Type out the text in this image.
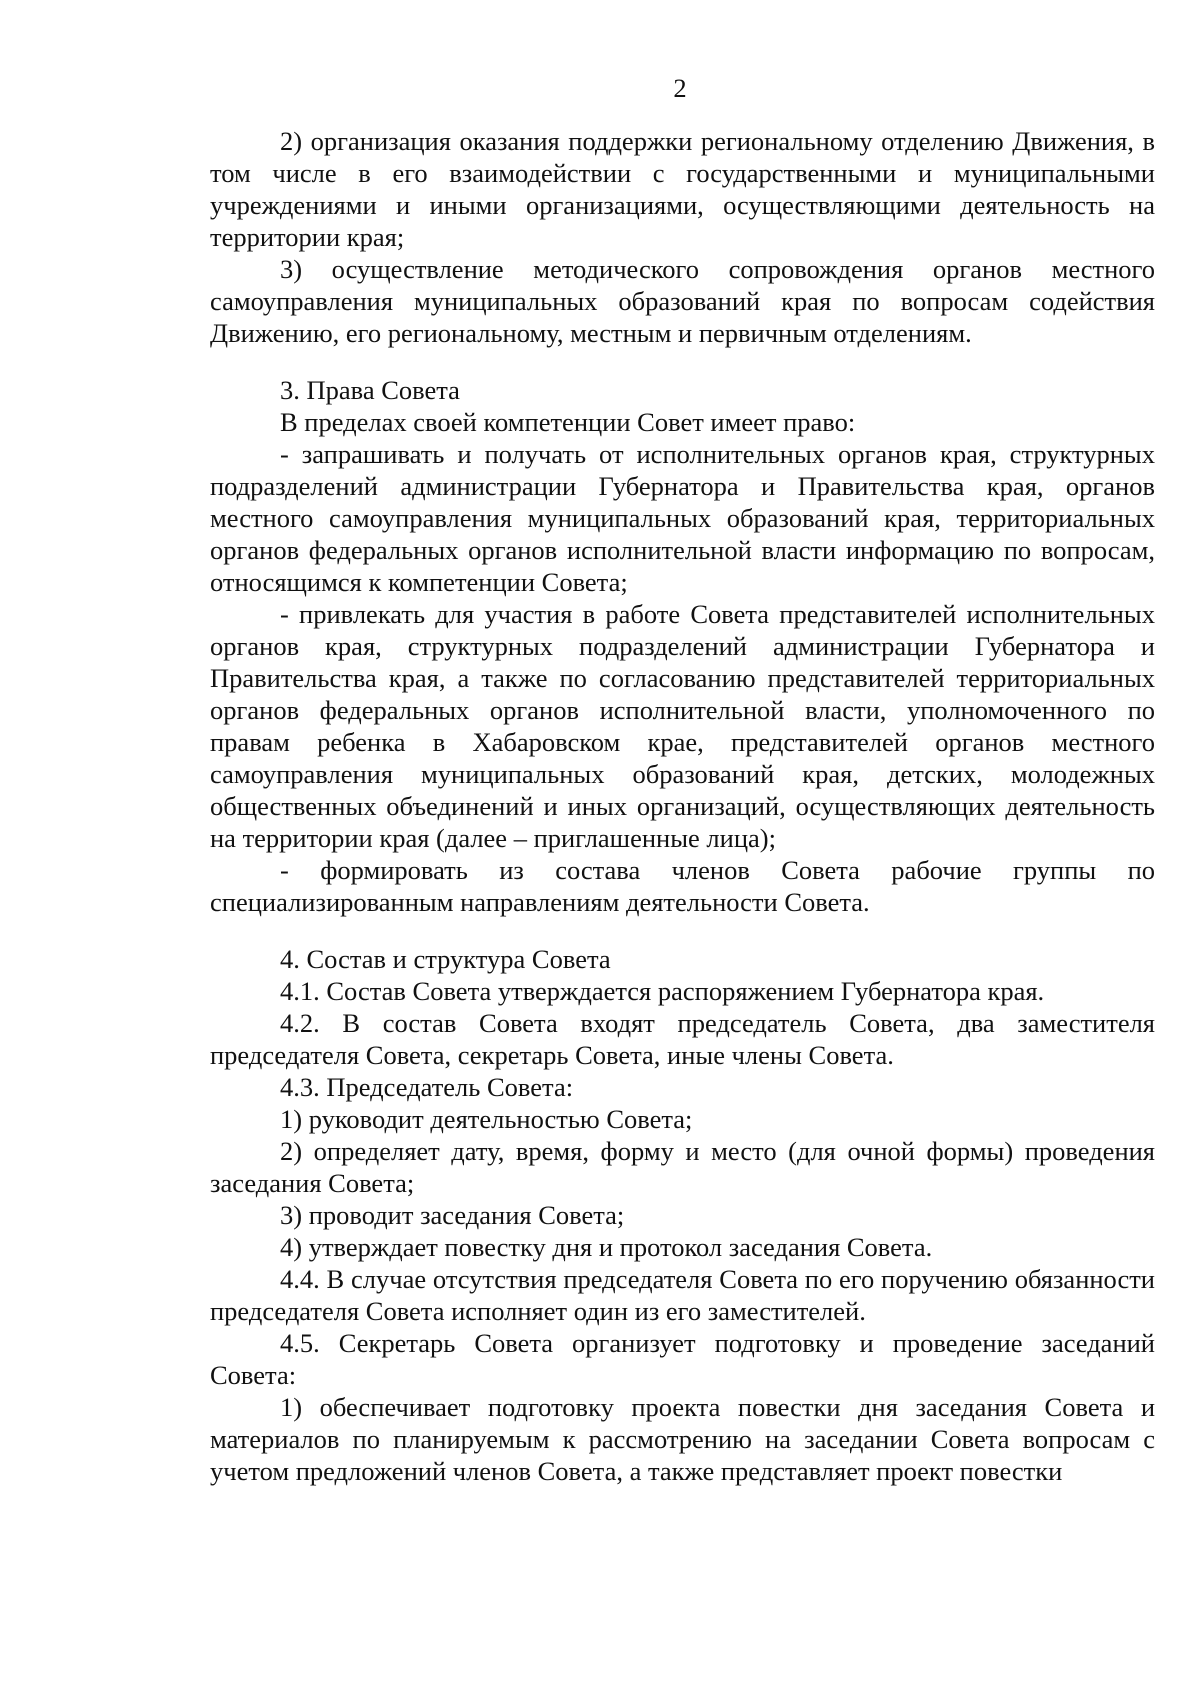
2

2) организация оказания поддержки региональному отделению Движения, в том числе в его взаимодействии с государственными и муниципальными учреждениями и иными организациями, осуществляющими деятельность на территории края;

3) осуществление методического сопровождения органов местного самоуправления муниципальных образований края по вопросам содействия Движению, его региональному, местным и первичным отделениям.

3. Права Совета

В пределах своей компетенции Совет имеет право:

- запрашивать и получать от исполнительных органов края, структурных подразделений администрации Губернатора и Правительства края, органов местного самоуправления муниципальных образований края, территориальных органов федеральных органов исполнительной власти информацию по вопросам, относящимся к компетенции Совета;

- привлекать для участия в работе Совета представителей исполнительных органов края, структурных подразделений администрации Губернатора и Правительства края, а также по согласованию представителей территориальных органов федеральных органов исполнительной власти, уполномоченного по правам ребенка в Хабаровском крае, представителей органов местного самоуправления муниципальных образований края, детских, молодежных общественных объединений и иных организаций, осуществляющих деятельность на территории края (далее – приглашенные лица);

- формировать из состава членов Совета рабочие группы по специализированным направлениям деятельности Совета.

4. Состав и структура Совета

4.1. Состав Совета утверждается распоряжением Губернатора края.

4.2. В состав Совета входят председатель Совета, два заместителя председателя Совета, секретарь Совета, иные члены Совета.

4.3. Председатель Совета:

1) руководит деятельностью Совета;

2) определяет дату, время, форму и место (для очной формы) проведения заседания Совета;

3) проводит заседания Совета;

4) утверждает повестку дня и протокол заседания Совета.

4.4. В случае отсутствия председателя Совета по его поручению обязанности председателя Совета исполняет один из его заместителей.

4.5. Секретарь Совета организует подготовку и проведение заседаний Совета:

1) обеспечивает подготовку проекта повестки дня заседания Совета и материалов по планируемым к рассмотрению на заседании Совета вопросам с учетом предложений членов Совета, а также представляет проект повестки
